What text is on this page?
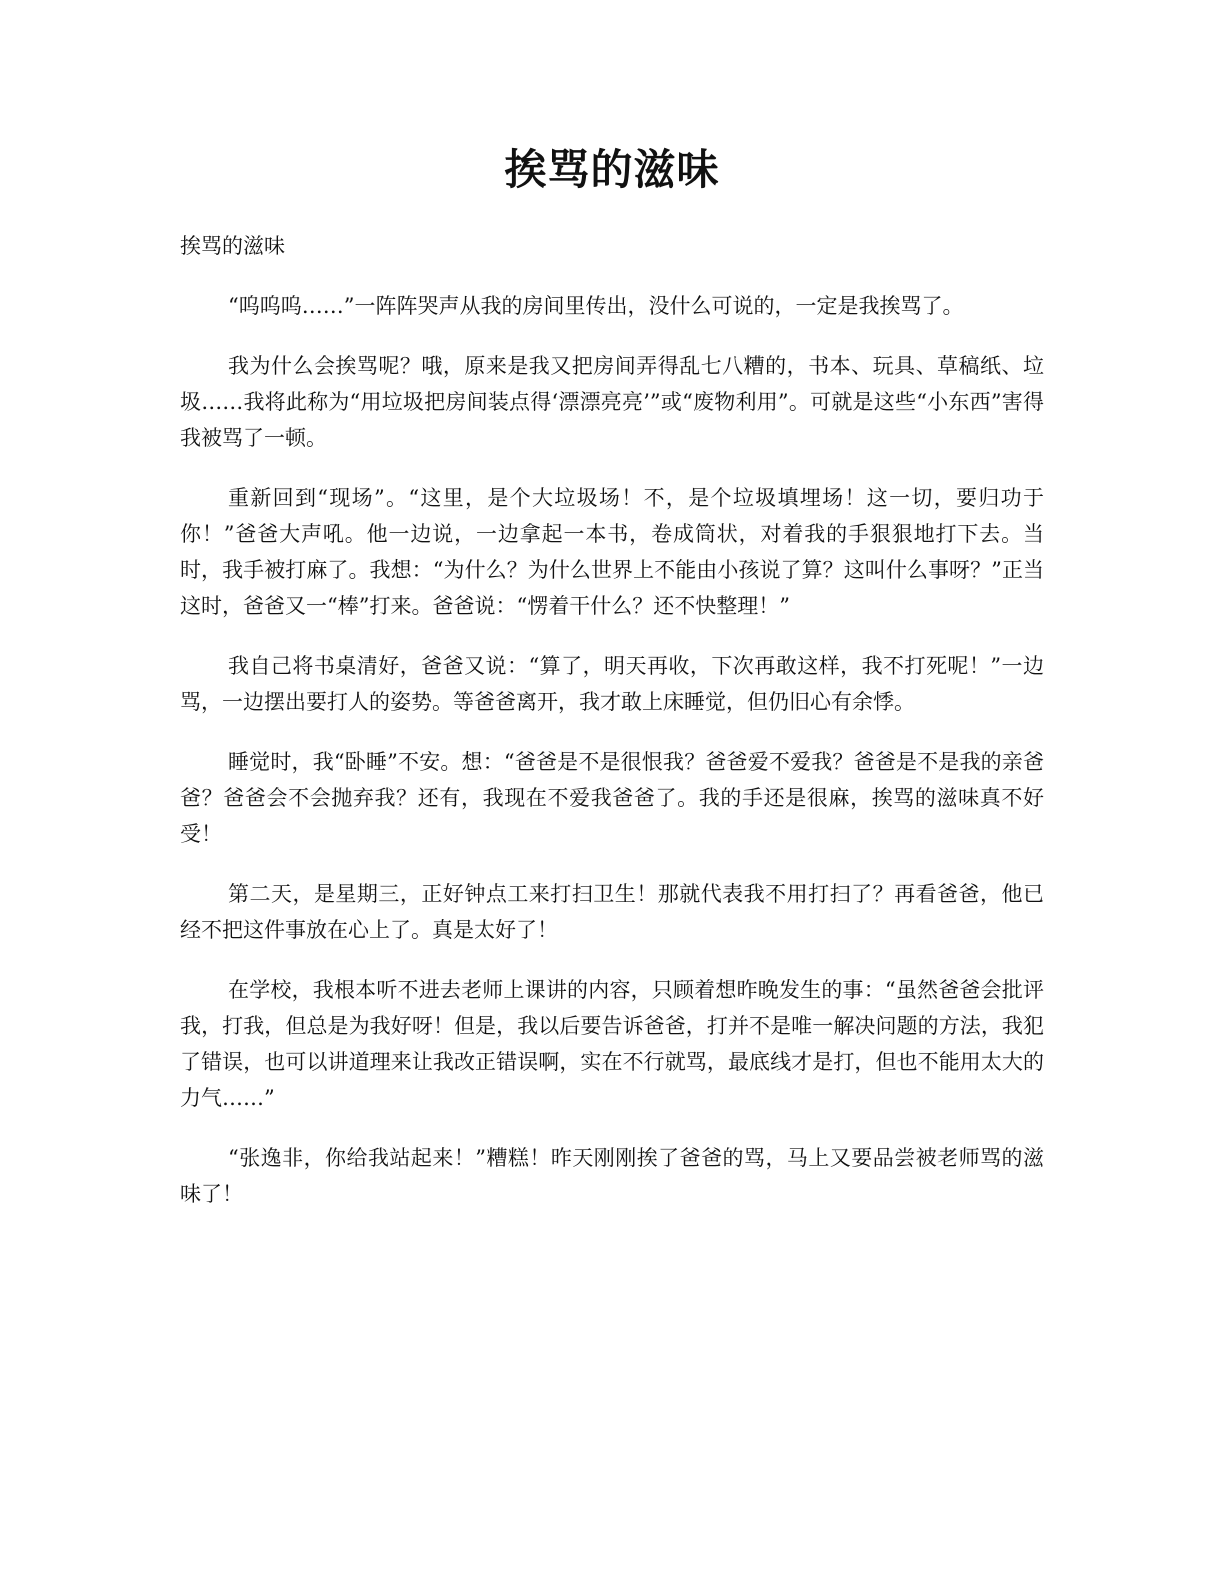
挨骂的滋味

挨骂的滋味

“呜呜呜……”一阵阵哭声从我的房间里传出，没什么可说的，一定是我挨骂了。

我为什么会挨骂呢？哦，原来是我又把房间弄得乱七八糟的，书本、玩具、草稿纸、垃圾……我将此称为“用垃圾把房间装点得‘漂漂亮亮’”或“废物利用”。可就是这些“小东西”害得我被骂了一顿。

重新回到“现场”。“这里，是个大垃圾场！不，是个垃圾填埋场！这一切，要归功于你！”爸爸大声吼。他一边说，一边拿起一本书，卷成筒状，对着我的手狠狠地打下去。当时，我手被打麻了。我想：“为什么？为什么世界上不能由小孩说了算？这叫什么事呀？”正当这时，爸爸又一“棒”打来。爸爸说：“愣着干什么？还不快整理！”

我自己将书桌清好，爸爸又说：“算了，明天再收，下次再敢这样，我不打死呢！”一边骂，一边摆出要打人的姿势。等爸爸离开，我才敢上床睡觉，但仍旧心有余悸。

睡觉时，我“卧睡”不安。想：“爸爸是不是很恨我？爸爸爱不爱我？爸爸是不是我的亲爸爸？爸爸会不会抛弃我？还有，我现在不爱我爸爸了。我的手还是很麻，挨骂的滋味真不好受！

第二天，是星期三，正好钟点工来打扫卫生！那就代表我不用打扫了？再看爸爸，他已经不把这件事放在心上了。真是太好了！

在学校，我根本听不进去老师上课讲的内容，只顾着想昨晚发生的事：“虽然爸爸会批评我，打我，但总是为我好呀！但是，我以后要告诉爸爸，打并不是唯一解决问题的方法，我犯了错误，也可以讲道理来让我改正错误啊，实在不行就骂，最底线才是打，但也不能用太大的力气……”

“张逸非，你给我站起来！”糟糕！昨天刚刚挨了爸爸的骂，马上又要品尝被老师骂的滋味了！
